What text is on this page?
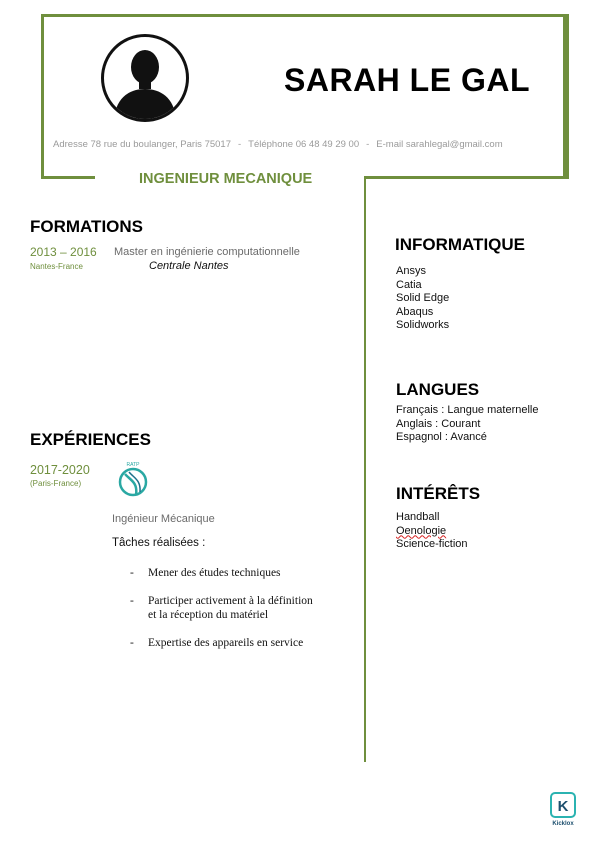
SARAH LE GAL
Adresse 78 rue du boulanger, Paris 75017 - Téléphone 06 48 49 29 00 - E-mail sarahlegal@gmail.com
INGENIEUR MECANIQUE
FORMATIONS
2013 – 2016
Nantes-France
Master en ingénierie computationnelle
Centrale Nantes
EXPÉRIENCES
2017-2020
(Paris-France)
RATP
Ingénieur Mécanique
Tâches réalisées :
- Mener des études techniques
- Participer activement à la définition
et la réception du matériel
- Expertise des appareils en service
INFORMATIQUE
Ansys
Catia
Solid Edge
Abaqus
Solidworks
LANGUES
Français : Langue maternelle
Anglais : Courant
Espagnol : Avancé
INTÉRÊTS
Handball
Oenologie
Science-fiction
K
Kicklox
